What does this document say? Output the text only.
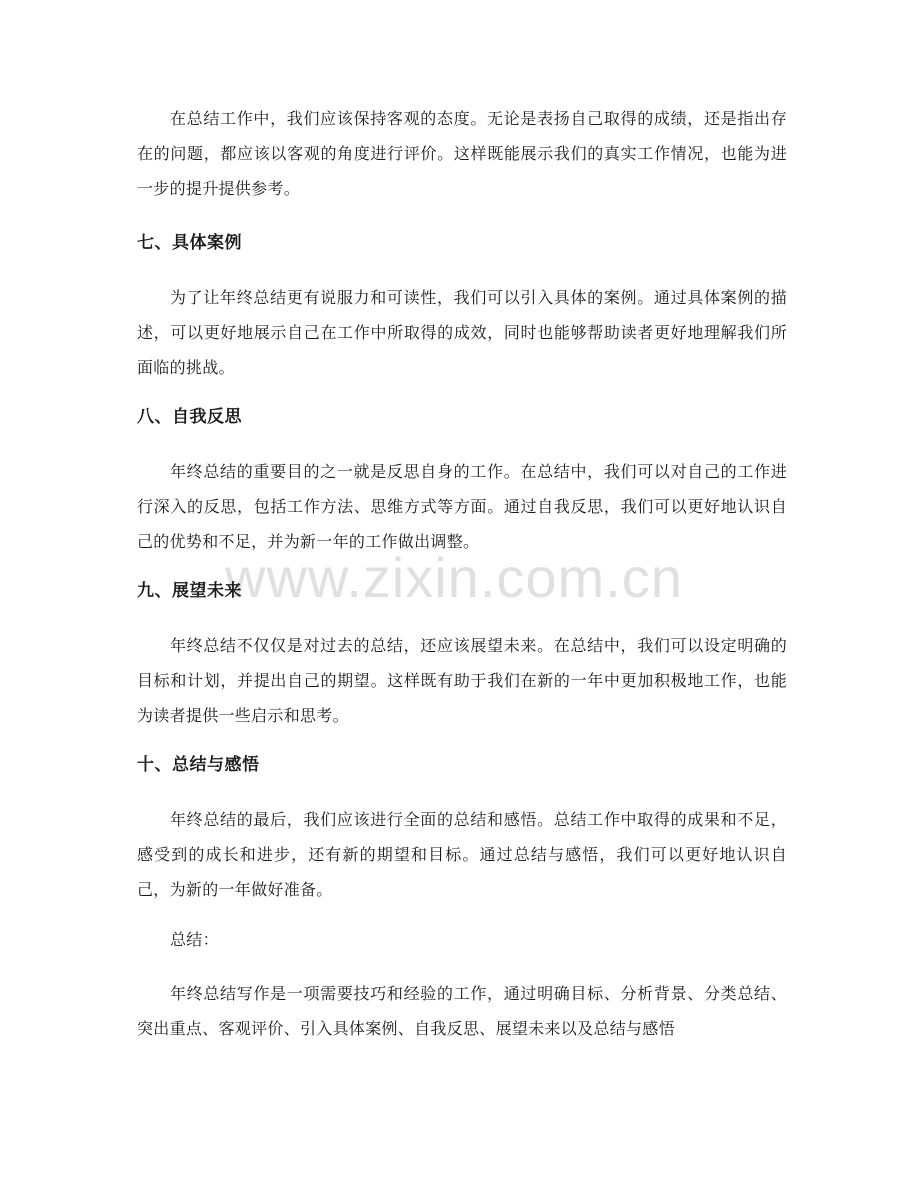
www.zixin.com.cn

在总结工作中，我们应该保持客观的态度。无论是表扬自己取得的成绩，还是指出存在的问题，都应该以客观的角度进行评价。这样既能展示我们的真实工作情况，也能为进一步的提升提供参考。

七、具体案例

为了让年终总结更有说服力和可读性，我们可以引入具体的案例。通过具体案例的描述，可以更好地展示自己在工作中所取得的成效，同时也能够帮助读者更好地理解我们所面临的挑战。

八、自我反思

年终总结的重要目的之一就是反思自身的工作。在总结中，我们可以对自己的工作进行深入的反思，包括工作方法、思维方式等方面。通过自我反思，我们可以更好地认识自己的优势和不足，并为新一年的工作做出调整。

九、展望未来

年终总结不仅仅是对过去的总结，还应该展望未来。在总结中，我们可以设定明确的目标和计划，并提出自己的期望。这样既有助于我们在新的一年中更加积极地工作，也能为读者提供一些启示和思考。

十、总结与感悟

年终总结的最后，我们应该进行全面的总结和感悟。总结工作中取得的成果和不足，感受到的成长和进步，还有新的期望和目标。通过总结与感悟，我们可以更好地认识自己，为新的一年做好准备。

总结：

年终总结写作是一项需要技巧和经验的工作，通过明确目标、分析背景、分类总结、突出重点、客观评价、引入具体案例、自我反思、展望未来以及总结与感悟
